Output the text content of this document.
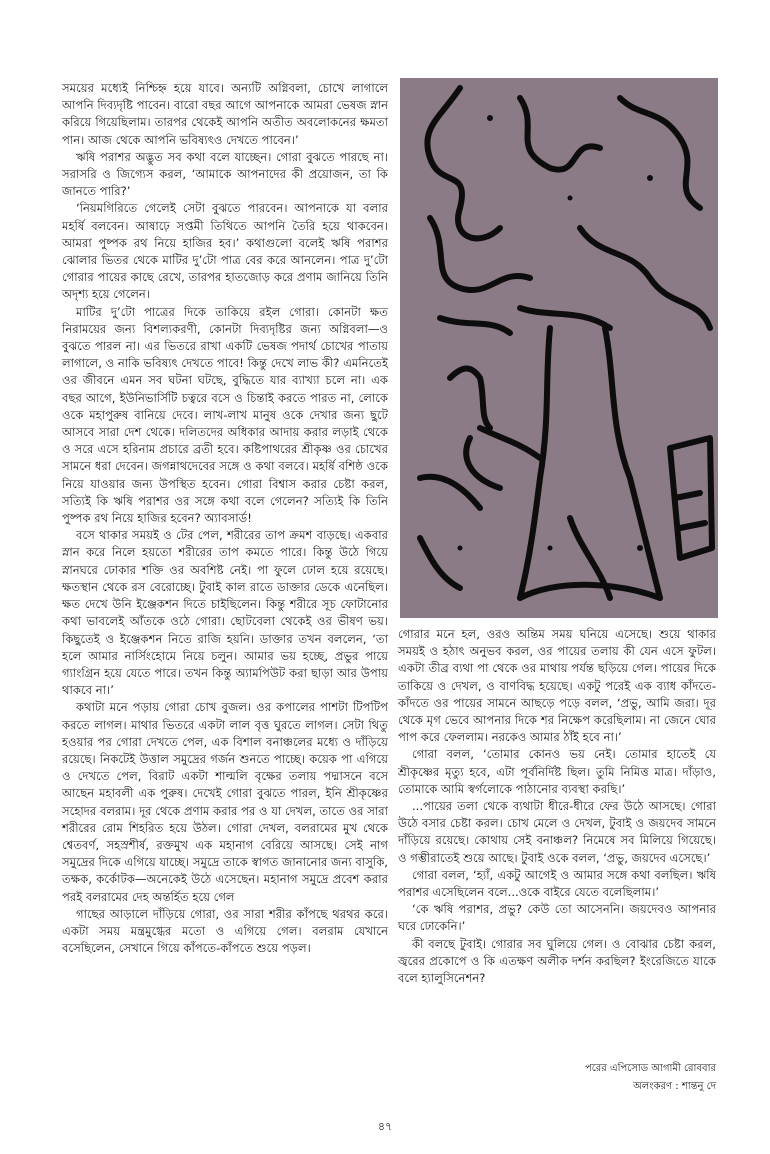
সময়ের মধ্যেই নিশ্চিহ্ন হয়ে যাবে। অন্যটি অগ্নিবলা, চোখে লাগালে আপনি দিব্যদৃষ্টি পাবেন। বারো বছর আগে আপনাকে আমরা ভেষজ স্নান করিয়ে গিয়েছিলাম। তারপর থেকেই আপনি অতীত অবলোকনের ক্ষমতা পান। আজ থেকে আপনি ভবিষ্যৎও দেখতে পাবেন।’

ঋষি পরাশর অদ্ভুত সব কথা বলে যাচ্ছেন। গোরা বুঝতে পারছে না। সরাসরি ও জিগ্যেস করল, ‘আমাকে আপনাদের কী প্রয়োজন, তা কি জানতে পারি?’

‘নিয়মগিরিতে গেলেই সেটা বুঝতে পারবেন। আপনাকে যা বলার মহর্ষি বলবেন। আষাঢ়ে সপ্তমী তিথিতে আপনি তৈরি হয়ে থাকবেন। আমরা পুষ্পক রথ নিয়ে হাজির হব।’ কথাগুলো বলেই ঋষি পরাশর ঝোলার ভিতর থেকে মাটির দু’টো পাত্র বের করে আনলেন। পাত্র দু’টো গোরার পায়ের কাছে রেখে, তারপর হাতজোড় করে প্রণাম জানিয়ে তিনি অদৃশ্য হয়ে গেলেন।

মাটির দু’টো পাত্রের দিকে তাকিয়ে রইল গোরা। কোনটা ক্ষত নিরাময়ের জন্য বিশল্যকরণী, কোনটা দিব্যদৃষ্টির জন্য অগ্নিবলা—ও বুঝতে পারল না। এর ভিতরে রাখা একটি ভেষজ পদার্থ চোখের পাতায় লাগালে, ও নাকি ভবিষ্যৎ দেখতে পাবে! কিন্তু দেখে লাভ কী? এমনিতেই ওর জীবনে এমন সব ঘটনা ঘটছে, বুদ্ধিতে যার ব্যাখ্যা চলে না। এক বছর আগে, ইউনিভার্সিটি চত্বরে বসে ও চিন্তাই করতে পারত না, লোকে ওকে মহাপুরুষ বানিয়ে দেবে। লাখ-লাখ মানুষ ওকে দেখার জন্য ছুটে আসবে সারা দেশ থেকে। দলিতদের অধিকার আদায় করার লড়াই থেকে ও সরে এসে হরিনাম প্রচারে ব্রতী হবে। কষ্টিপাথরের শ্রীকৃষ্ণ ওর চোখের সামনে ধরা দেবেন। জগন্নাথদেবের সঙ্গে ও কথা বলবে। মহর্ষি বশিষ্ঠ ওকে নিয়ে যাওয়ার জন্য উপস্থিত হবেন। গোরা বিশ্বাস করার চেষ্টা করল, সত্যিই কি ঋষি পরাশর ওর সঙ্গে কথা বলে গেলেন? সত্যিই কি তিনি পুষ্পক রথ নিয়ে হাজির হবেন? অ্যাবসার্ড!

বসে থাকার সময়ই ও টের পেল, শরীরের তাপ ক্রমশ বাড়ছে। একবার স্নান করে নিলে হয়তো শরীরের তাপ কমতে পারে। কিন্তু উঠে গিয়ে স্নানঘরে ঢোকার শক্তি ওর অবশিষ্ট নেই। পা ফুলে ঢোল হয়ে রয়েছে। ক্ষতস্থান থেকে রস বেরোচ্ছে। টুবাই কাল রাতে ডাক্তার ডেকে এনেছিল। ক্ষত দেখে উনি ইঞ্জেকশন দিতে চাইছিলেন। কিন্তু শরীরে সূচ ফোটানোর কথা ভাবলেই আঁতকে ওঠে গোরা। ছোটবেলা থেকেই ওর ভীষণ ভয়। কিছুতেই ও ইঞ্জেকশন নিতে রাজি হয়নি। ডাক্তার তখন বললেন, ‘তা হলে আমার নার্সিংহোমে নিয়ে চলুন। আমার ভয় হচ্ছে, প্রভুর পায়ে গ্যাংগ্রিন হয়ে যেতে পারে। তখন কিন্তু অ্যামপিউট করা ছাড়া আর উপায় থাকবে না।’

কথাটা মনে পড়ায় গোরা চোখ বুজল। ওর কপালের পাশটা টিপটিপ করতে লাগল। মাথার ভিতরে একটা লাল বৃত্ত ঘুরতে লাগল। সেটা থিতু হওয়ার পর গোরা দেখতে পেল, এক বিশাল বনাঞ্চলের মধ্যে ও দাঁড়িয়ে রয়েছে। নিকটেই উত্তাল সমুদ্রের গর্জন শুনতে পাচ্ছে। কয়েক পা এগিয়ে ও দেখতে পেল, বিরাট একটা শাল্মলি বৃক্ষের তলায় পদ্মাসনে বসে আছেন মহাবলী এক পুরুষ। দেখেই গোরা বুঝতে পারল, ইনি শ্রীকৃষ্ণের সহোদর বলরাম। দূর থেকে প্রণাম করার পর ও যা দেখল, তাতে ওর সারা শরীরের রোম শিহরিত হয়ে উঠল। গোরা দেখল, বলরামের মুখ থেকে শ্বেতবর্ণ, সহস্রশীর্ষ, রক্তমুখ এক মহানাগ বেরিয়ে আসছে। সেই নাগ সমুদ্রের দিকে এগিয়ে যাচ্ছে। সমুদ্রে তাকে স্বাগত জানানোর জন্য বাসুকি, তক্ষক, কর্কোটক—অনেকেই উঠে এসেছেন। মহানাগ সমুদ্রে প্রবেশ করার পরই বলরামের দেহ অন্তর্হিত হয়ে গেল

গাছের আড়ালে দাঁড়িয়ে গোরা, ওর সারা শরীর কাঁপছে থরথর করে। একটা সময় মন্ত্রমুগ্ধের মতো ও এগিয়ে গেল। বলরাম যেখানে বসেছিলেন, সেখানে গিয়ে কাঁপতে-কাঁপতে শুয়ে পড়ল।

গোরার মনে হল, ওরও অন্তিম সময় ঘনিয়ে এসেছে। শুয়ে থাকার সময়ই ও হঠাৎ অনুভব করল, ওর পায়ের তলায় কী যেন এসে ফুটল। একটা তীব্র ব্যথা পা থেকে ওর মাথায় পর্যন্ত ছড়িয়ে গেল। পায়ের দিকে তাকিয়ে ও দেখল, ও বাণবিদ্ধ হয়েছে। একটু পরেই এক ব্যাধ কাঁদতে-কাঁদতে ওর পায়ের সামনে আছড়ে পড়ে বলল, ‘প্রভু, আমি জরা। দূর থেকে মৃগ ভেবে আপনার দিকে শর নিক্ষেপ করেছিলাম। না জেনে ঘোর পাপ করে ফেললাম। নরকেও আমার ঠাঁই হবে না।’

গোরা বলল, ‘তোমার কোনও ভয় নেই। তোমার হাতেই যে শ্রীকৃষ্ণের মৃত্যু হবে, এটা পূর্বনির্দিষ্ট ছিল। তুমি নিমিত্ত মাত্র। দাঁড়াও, তোমাকে আমি স্বর্গলোকে পাঠানোর ব্যবস্থা করছি।’

...পায়ের তলা থেকে ব্যথাটা ধীরে-ধীরে ফের উঠে আসছে। গোরা উঠে বসার চেষ্টা করল। চোখ মেলে ও দেখল, টুবাই ও জয়দেব সামনে দাঁড়িয়ে রয়েছে। কোথায় সেই বনাঞ্চল? নিমেষে সব মিলিয়ে গিয়েছে। ও গম্ভীরাতেই শুয়ে আছে। টুবাই ওকে বলল, ‘প্রভু, জয়দেব এসেছে।’

গোরা বলল, ‘হ্যাঁ, একটু আগেই ও আমার সঙ্গে কথা বলছিল। ঋষি পরাশর এসেছিলেন বলে...ওকে বাইরে যেতে বলেছিলাম।’

‘কে ঋষি পরাশর, প্রভু? কেউ তো আসেননি। জয়দেবও আপনার ঘরে ঢোকেনি।’

কী বলছে টুবাই। গোরার সব ঘুলিয়ে গেল। ও বোঝার চেষ্টা করল, জ্বরের প্রকোপে ও কি এতক্ষণ অলীক দর্শন করছিল? ইংরেজিতে যাকে বলে হ্যালুসিনেশন?

পরের এপিসোড আগামী রোববার
অলংকরণ : শান্তনু দে
৪৭
